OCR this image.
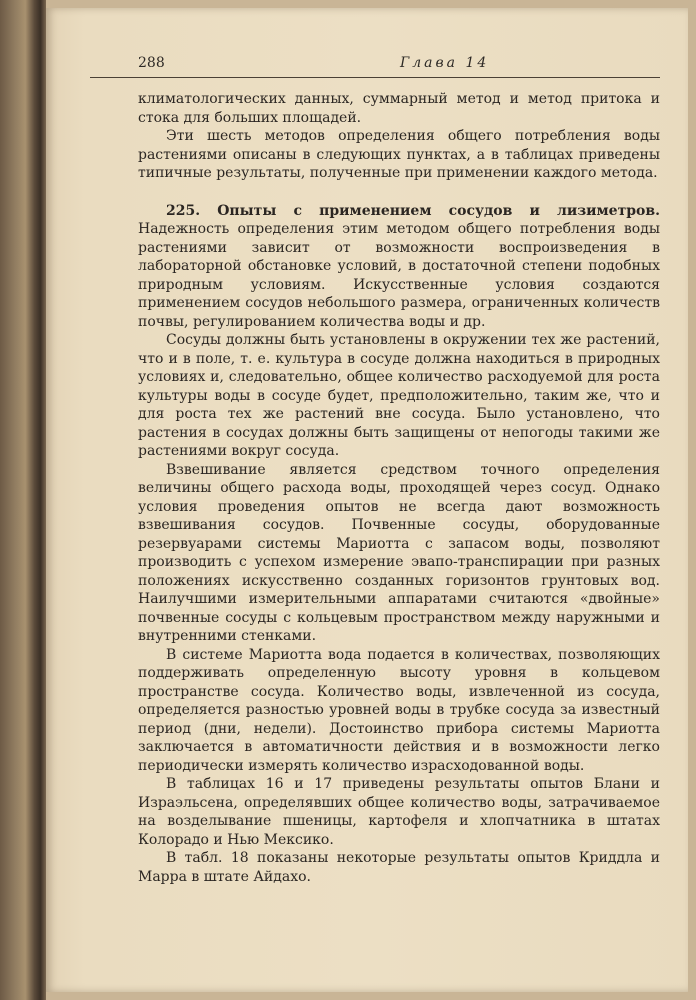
288	Глава 14

климатологических данных, суммарный метод и метод притока и стока для больших площадей.

Эти шесть методов определения общего потребления воды растениями описаны в следующих пунктах, а в таблицах приведены типичные результаты, полученные при применении каждого метода.

225. Опыты с применением сосудов и лизиметров. Надежность определения этим методом общего потребления воды растениями зависит от возможности воспроизведения в лабораторной обстановке условий, в достаточной степени подобных природным условиям. Искусственные условия создаются применением сосудов небольшого размера, ограниченных количеств почвы, регулированием количества воды и др.

Сосуды должны быть установлены в окружении тех же растений, что и в поле, т. е. культура в сосуде должна находиться в природных условиях и, следовательно, общее количество расходуемой для роста культуры воды в сосуде будет, предположительно, таким же, что и для роста тех же растений вне сосуда. Было установлено, что растения в сосудах должны быть защищены от непогоды такими же растениями вокруг сосуда.

Взвешивание является средством точного определения величины общего расхода воды, проходящей через сосуд. Однако условия проведения опытов не всегда дают возможность взвешивания сосудов. Почвенные сосуды, оборудованные резервуарами системы Мариотта с запасом воды, позволяют производить с успехом измерение эвапо-транспирации при разных положениях искусственно созданных горизонтов грунтовых вод. Наилучшими измерительными аппаратами считаются «двойные» почвенные сосуды с кольцевым пространством между наружными и внутренними стенками.

В системе Мариотта вода подается в количествах, позволяющих поддерживать определенную высоту уровня в кольцевом пространстве сосуда. Количество воды, извлеченной из сосуда, определяется разностью уровней воды в трубке сосуда за известный период (дни, недели). Достоинство прибора системы Мариотта заключается в автоматичности действия и в возможности легко периодически измерять количество израсходованной воды.

В таблицах 16 и 17 приведены результаты опытов Блани и Израэльсена, определявших общее количество воды, затрачиваемое на возделывание пшеницы, картофеля и хлопчатника в штатах Колорадо и Нью Мексико.

В табл. 18 показаны некоторые результаты опытов Криддла и Марра в штате Айдахо.
